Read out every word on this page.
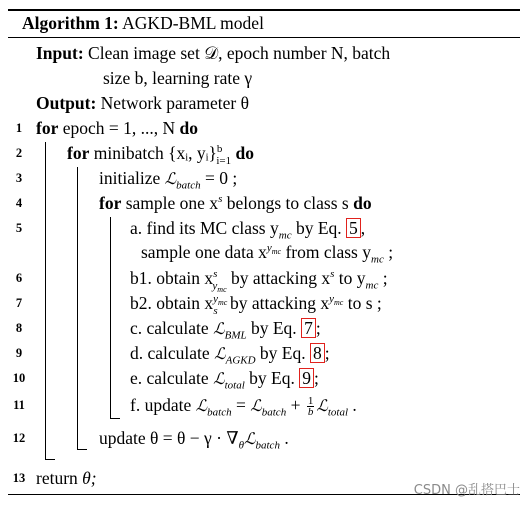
Algorithm 1: AGKD-BML model
Input: Clean image set 𝒟, epoch number N, batch
size b, learning rate γ
Output: Network parameter θ
1 for epoch = 1, ..., N do
2	for minibatch {xᵢ, yᵢ}$^b_{i=1}$ do
3	initialize ℒ$_{batch}$ = 0 ;
4	for sample one $x^s$ belongs to class s do
5	a. find its MC class $y_{mc}$ by Eq. 5 ,
sample one data $x^{y_{mc}}$ from class $y_{mc}$ ;
6	b1. obtain $x^s_{y_{mc}}$ by attacking $x^s$ to $y_{mc}$ ;
7	b2. obtain $x^{y_{mc}}_s$ by attacking $x^{y_{mc}}$ to s ;
8	c. calculate ℒ$_{BML}$ by Eq. 7 ;
9	d. calculate ℒ$_{AGKD}$ by Eq. 8 ;
10	e. calculate ℒ$_{total}$ by Eq. 9 ;
11	f. update ℒ$_{batch}$ = ℒ$_{batch}$ + $\frac{1}{b}$ ℒ$_{total}$ .
12	update $\theta = \theta - \gamma \cdot \nabla_\theta ℒ_{batch}$ .
13 return θ;
CSDN @乱搭巴士
